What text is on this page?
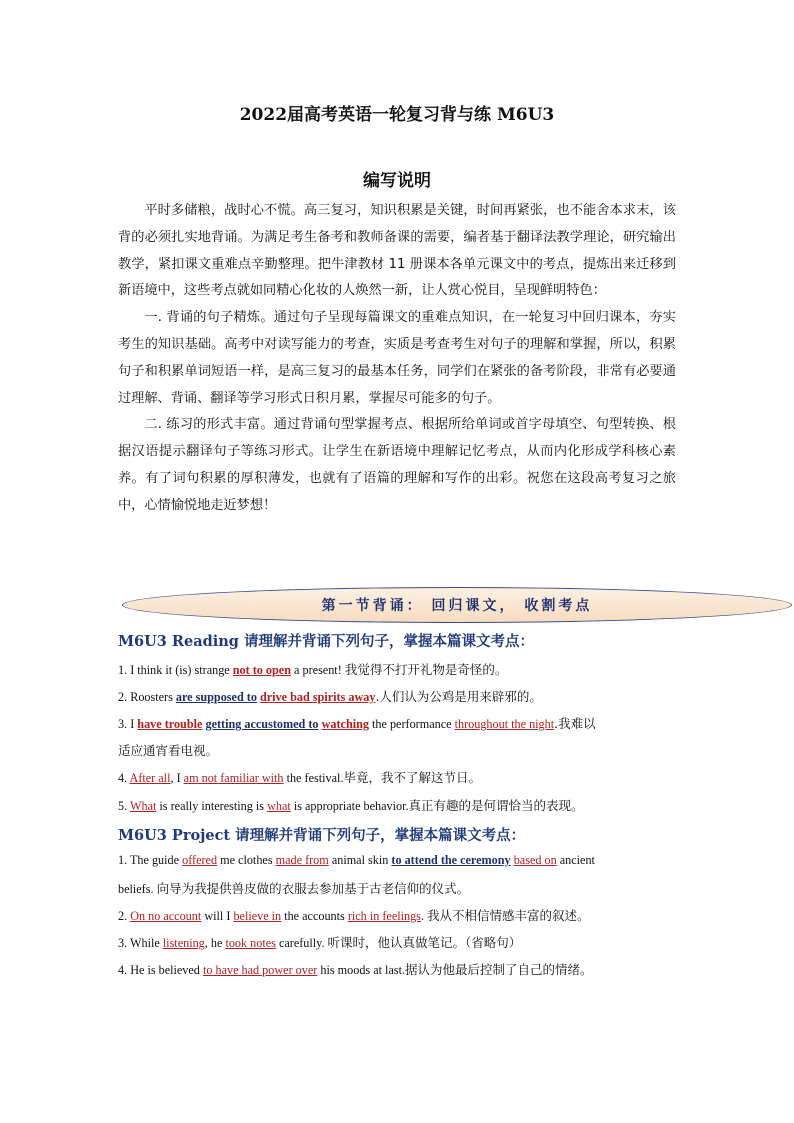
2022届高考英语一轮复习背与练 M6U3
编写说明

平时多储粮，战时心不慌。高三复习，知识积累是关键，时间再紧张，也不能舍本求末，该背的必须扎实地背诵。为满足考生备考和教师备课的需要，编者基于翻译法教学理论，研究输出教学，紧扣课文重难点辛勤整理。把牛津教材 11 册课本各单元课文中的考点，提炼出来迁移到新语境中，这些考点就如同精心化妆的人焕然一新，让人赏心悦目，呈现鲜明特色：

一. 背诵的句子精炼。通过句子呈现每篇课文的重难点知识，在一轮复习中回归课本，夯实考生的知识基础。高考中对读写能力的考查，实质是考查考生对句子的理解和掌握，所以，积累句子和积累单词短语一样，是高三复习的最基本任务，同学们在紧张的备考阶段，非常有必要通过理解、背诵、翻译等学习形式日积月累，掌握尽可能多的句子。

二. 练习的形式丰富。通过背诵句型掌握考点、根据所给单词或首字母填空、句型转换、根据汉语提示翻译句子等练习形式。让学生在新语境中理解记忆考点，从而内化形成学科核心素养。有了词句积累的厚积薄发，也就有了语篇的理解和写作的出彩。祝您在这段高考复习之旅中，心情愉悦地走近梦想！

第一节背诵： 回归课文， 收割考点
M6U3 Reading 请理解并背诵下列句子，掌握本篇课文考点：
1. I think it (is) strange not to open a present! 我觉得不打开礼物是奇怪的。
2. Roosters are supposed to drive bad spirits away.人们认为公鸡是用来辟邪的。
3. I have trouble getting accustomed to watching the performance throughout the night.我难以
适应通宵看电视。
4. After all, I am not familiar with the festival.毕竟，我不了解这节日。
5. What is really interesting is what is appropriate behavior.真正有趣的是何谓恰当的表现。
M6U3 Project 请理解并背诵下列句子，掌握本篇课文考点：
1. The guide offered me clothes made from animal skin to attend the ceremony based on ancient
beliefs. 向导为我提供兽皮做的衣服去参加基于古老信仰的仪式。
2. On no account will I believe in the accounts rich in feelings. 我从不相信情感丰富的叙述。
3. While listening, he took notes carefully. 听课时，他认真做笔记。（省略句）
4. He is believed to have had power over his moods at last.据认为他最后控制了自己的情绪。
